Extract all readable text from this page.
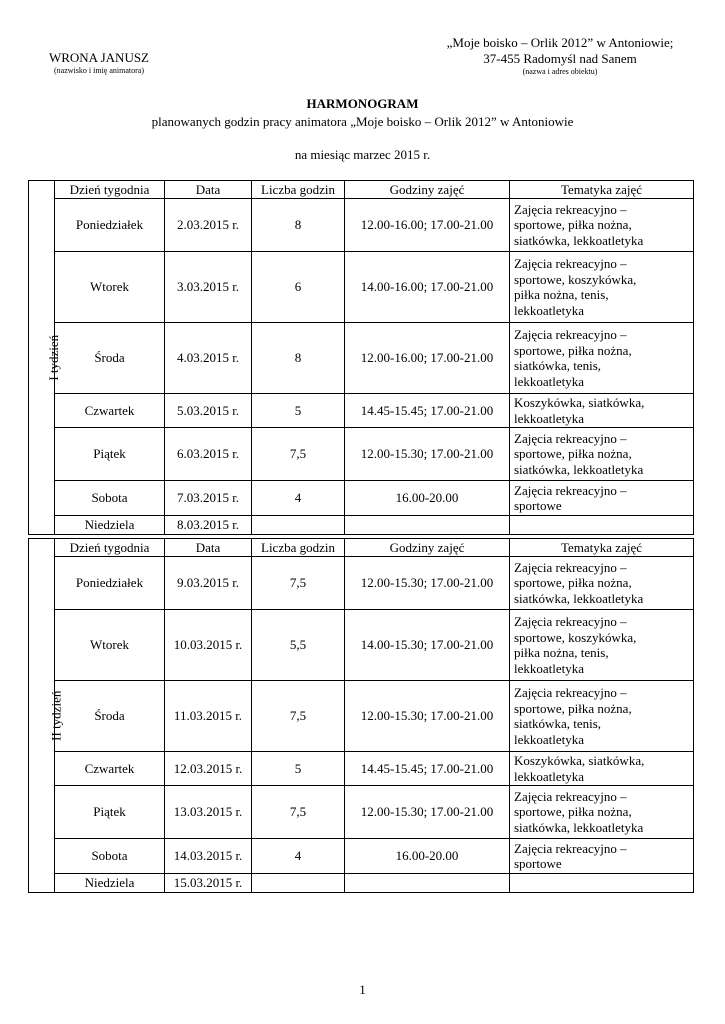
WRONA JANUSZ
(nazwisko i imię animatora)
„Moje boisko – Orlik 2012” w Antoniowie;
37-455 Radomyśl nad Sanem
(nazwa i adres obiektu)
HARMONOGRAM
planowanych godzin pracy animatora „Moje boisko – Orlik 2012” w Antoniowie
na miesiąc marzec 2015 r.
I tydzień	Dzień tygodnia	Data	Liczba godzin	Godziny zajęć	Tematyka zajęć
	Poniedziałek	2.03.2015 r.	8	12.00-16.00; 17.00-21.00	Zajęcia rekreacyjno –
sportowe, piłka nożna,
siatkówka, lekkoatletyka

	Wtorek	3.03.2015 r.	6	14.00-16.00; 17.00-21.00	Zajęcia rekreacyjno –
sportowe, koszykówka,
piłka nożna, tenis,
lekkoatletyka

	Środa	4.03.2015 r.	8	12.00-16.00; 17.00-21.00	Zajęcia rekreacyjno –
sportowe, piłka nożna,
siatkówka, tenis,
lekkoatletyka

	Czwartek	5.03.2015 r.	5	14.45-15.45; 17.00-21.00	Koszykówka, siatkówka,
lekkoatletyka

	Piątek	6.03.2015 r.	7,5	12.00-15.30; 17.00-21.00	Zajęcia rekreacyjno –
sportowe, piłka nożna,
siatkówka, lekkoatletyka

	Sobota	7.03.2015 r.	4	16.00-20.00	Zajęcia rekreacyjno –
sportowe

	Niedziela	8.03.2015 r.			

II tydzień	Dzień tygodnia	Data	Liczba godzin	Godziny zajęć	Tematyka zajęć
	Poniedziałek	9.03.2015 r.	7,5	12.00-15.30; 17.00-21.00	Zajęcia rekreacyjno –
sportowe, piłka nożna,
siatkówka, lekkoatletyka

	Wtorek	10.03.2015 r.	5,5	14.00-15.30; 17.00-21.00	Zajęcia rekreacyjno –
sportowe, koszykówka,
piłka nożna, tenis,
lekkoatletyka

	Środa	11.03.2015 r.	7,5	12.00-15.30; 17.00-21.00	Zajęcia rekreacyjno –
sportowe, piłka nożna,
siatkówka, tenis,
lekkoatletyka

	Czwartek	12.03.2015 r.	5	14.45-15.45; 17.00-21.00	Koszykówka, siatkówka,
lekkoatletyka

	Piątek	13.03.2015 r.	7,5	12.00-15.30; 17.00-21.00	Zajęcia rekreacyjno –
sportowe, piłka nożna,
siatkówka, lekkoatletyka

	Sobota	14.03.2015 r.	4	16.00-20.00	Zajęcia rekreacyjno –
sportowe

	Niedziela	15.03.2015 r.			

1
